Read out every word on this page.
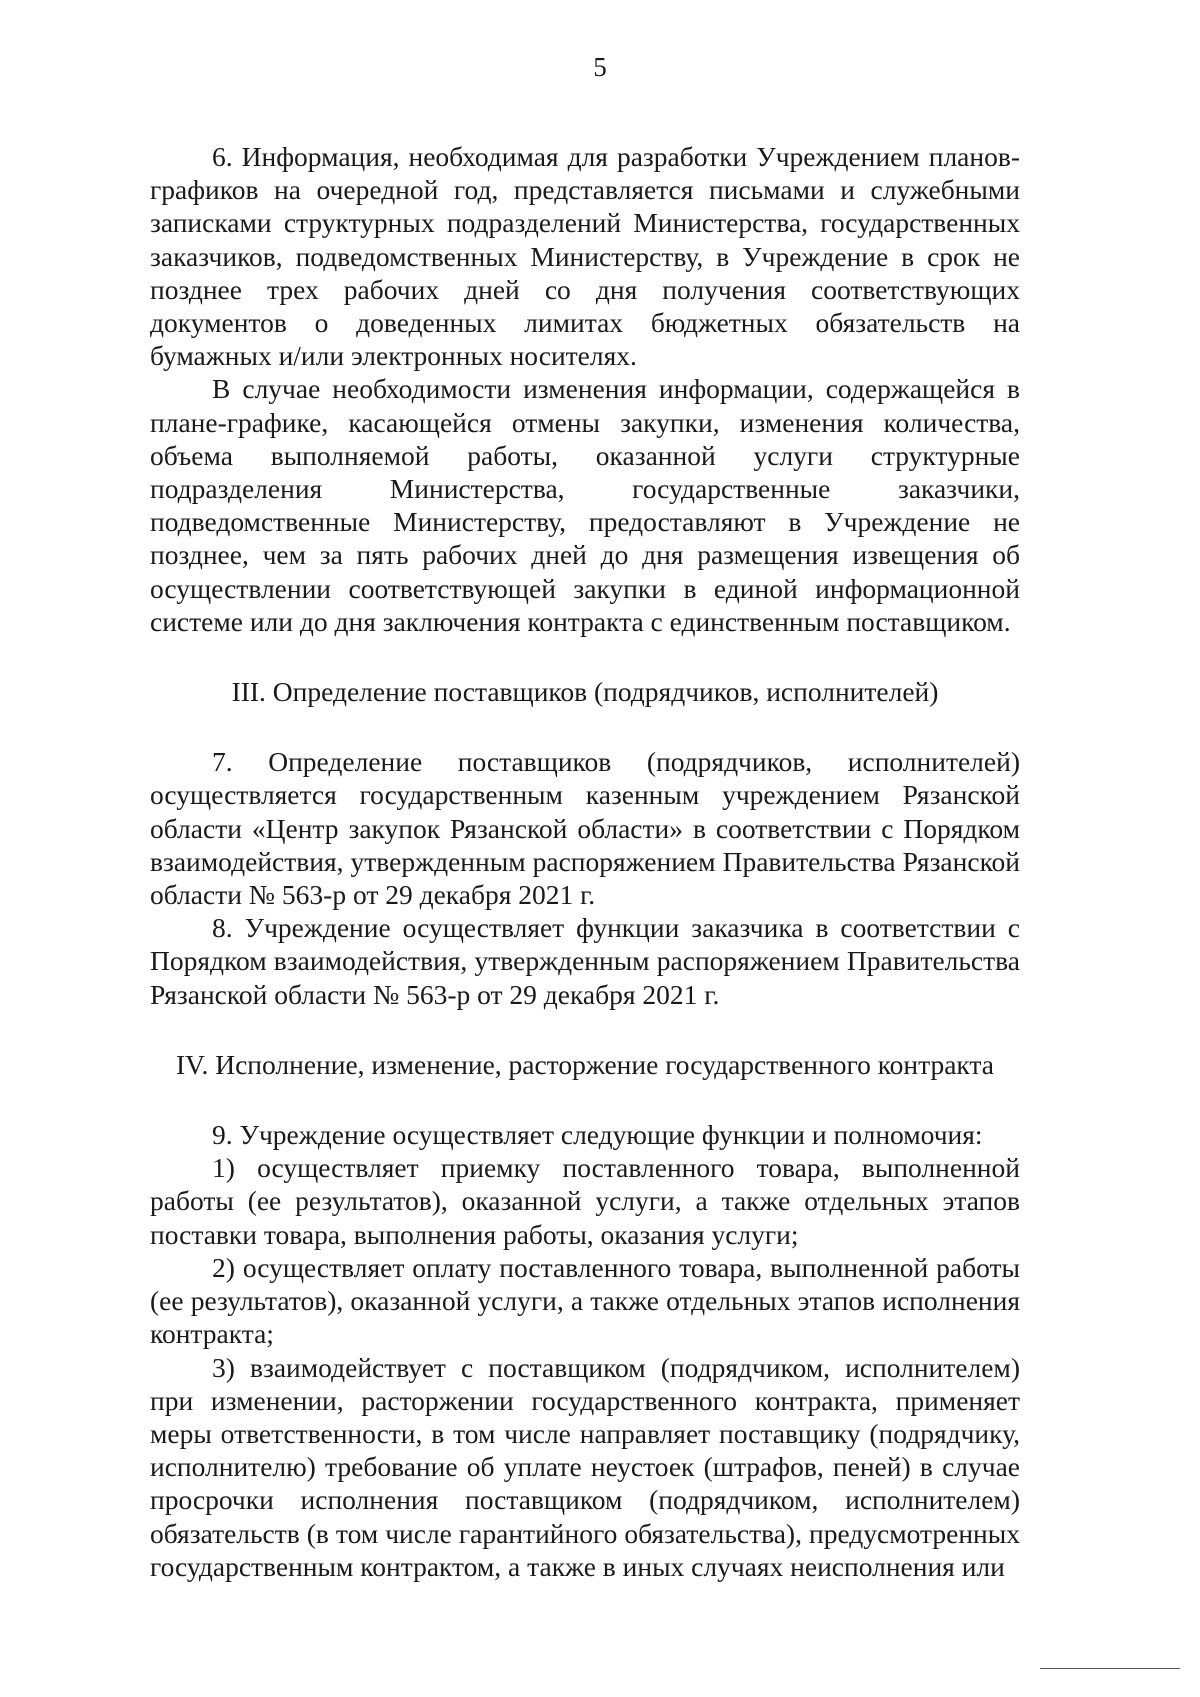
5

6. Информация, необходимая для разработки Учреждением планов-графиков на очередной год, представляется письмами и служебными записками структурных подразделений Министерства, государственных заказчиков, подведомственных Министерству, в Учреждение в срок не позднее трех рабочих дней со дня получения соответствующих документов о доведенных лимитах бюджетных обязательств на бумажных и/или электронных носителях.

В случае необходимости изменения информации, содержащейся в плане-графике, касающейся отмены закупки, изменения количества, объема выполняемой работы, оказанной услуги структурные подразделения Министерства, государственные заказчики, подведомственные Министерству, предоставляют в Учреждение не позднее, чем за пять рабочих дней до дня размещения извещения об осуществлении соответствующей закупки в единой информационной системе или до дня заключения контракта с единственным поставщиком.

III. Определение поставщиков (подрядчиков, исполнителей)

7. Определение поставщиков (подрядчиков, исполнителей) осуществляется государственным казенным учреждением Рязанской области «Центр закупок Рязанской области» в соответствии с Порядком взаимодействия, утвержденным распоряжением Правительства Рязанской области № 563-р от 29 декабря 2021 г.

8. Учреждение осуществляет функции заказчика в соответствии с Порядком взаимодействия, утвержденным распоряжением Правительства Рязанской области № 563-р от 29 декабря 2021 г.

IV. Исполнение, изменение, расторжение государственного контракта

9. Учреждение осуществляет следующие функции и полномочия:

1) осуществляет приемку поставленного товара, выполненной работы (ее результатов), оказанной услуги, а также отдельных этапов поставки товара, выполнения работы, оказания услуги;

2) осуществляет оплату поставленного товара, выполненной работы (ее результатов), оказанной услуги, а также отдельных этапов исполнения контракта;

3) взаимодействует с поставщиком (подрядчиком, исполнителем) при изменении, расторжении государственного контракта, применяет меры ответственности, в том числе направляет поставщику (подрядчику, исполнителю) требование об уплате неустоек (штрафов, пеней) в случае просрочки исполнения поставщиком (подрядчиком, исполнителем) обязательств (в том числе гарантийного обязательства), предусмотренных государственным контрактом, а также в иных случаях неисполнения или
